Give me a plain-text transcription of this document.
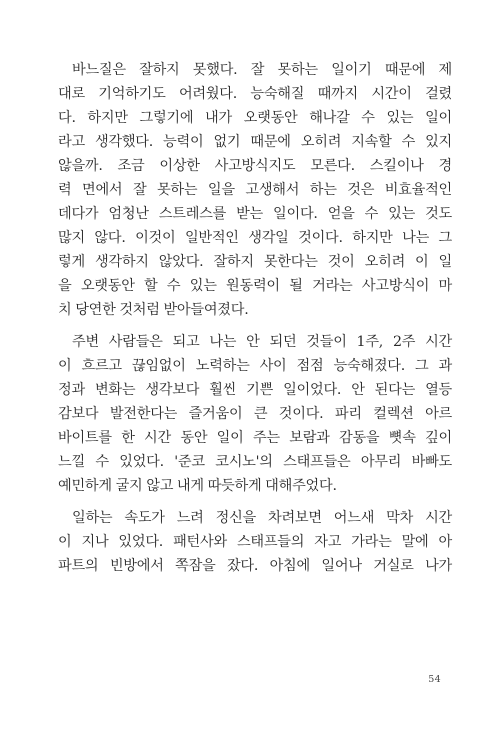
바느질은 잘하지 못했다. 잘 못하는 일이기 때문에 제
대로 기억하기도 어려웠다. 능숙해질 때까지 시간이 걸렸
다. 하지만 그렇기에 내가 오랫동안 해나갈 수 있는 일이
라고 생각했다. 능력이 없기 때문에 오히려 지속할 수 있지
않을까. 조금 이상한 사고방식지도 모른다. 스킬이나 경
력 면에서 잘 못하는 일을 고생해서 하는 것은 비효율적인
데다가 엄청난 스트레스를 받는 일이다. 얻을 수 있는 것도
많지 않다. 이것이 일반적인 생각일 것이다. 하지만 나는 그
렇게 생각하지 않았다. 잘하지 못한다는 것이 오히려 이 일
을 오랫동안 할 수 있는 원동력이 될 거라는 사고방식이 마
치 당연한 것처럼 받아들여졌다.
주변 사람들은 되고 나는 안 되던 것들이 1주, 2주 시간
이 흐르고 끊임없이 노력하는 사이 점점 능숙해졌다. 그 과
정과 변화는 생각보다 훨씬 기쁜 일이었다. 안 된다는 열등
감보다 발전한다는 즐거움이 큰 것이다. 파리 컬렉션 아르
바이트를 한 시간 동안 일이 주는 보람과 감동을 뼛속 깊이
느낄 수 있었다. '준코 코시노'의 스태프들은 아무리 바빠도
예민하게 굴지 않고 내게 따듯하게 대해주었다.
일하는 속도가 느려 정신을 차려보면 어느새 막차 시간
이 지나 있었다. 패턴사와 스태프들의 자고 가라는 말에 아
파트의 빈방에서 쪽잠을 잤다. 아침에 일어나 거실로 나가
54
